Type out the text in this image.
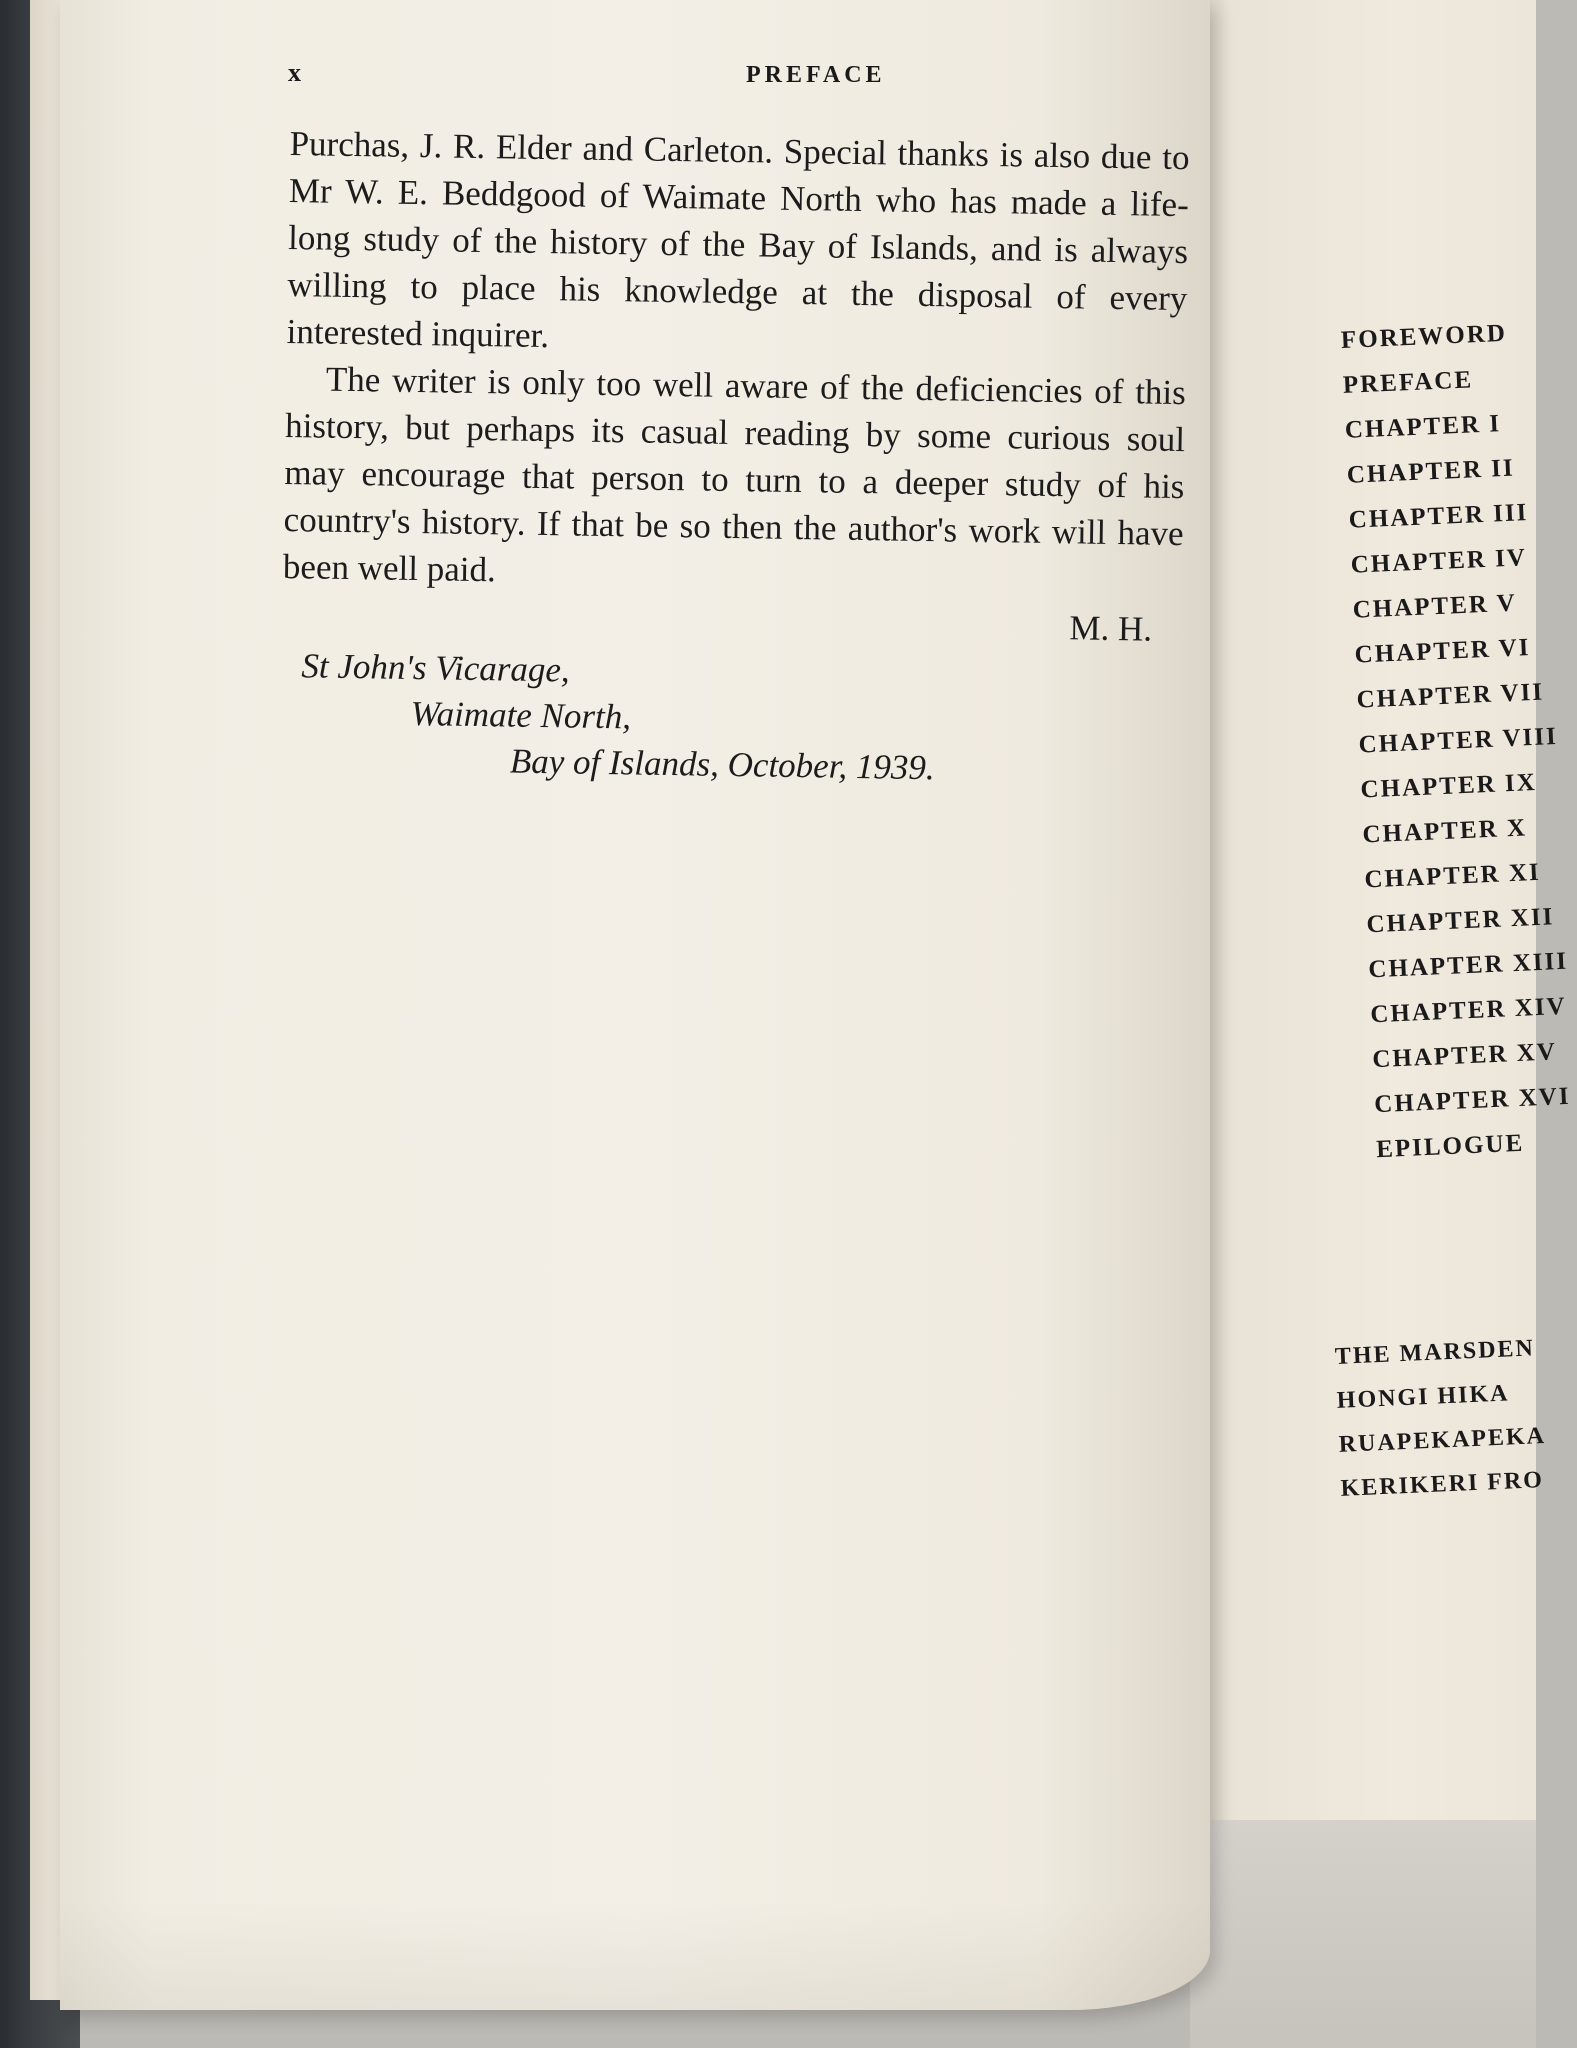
x	PREFACE

Purchas, J. R. Elder and Carleton. Special thanks is also due to Mr W. E. Beddgood of Waimate North who has made a life-long study of the history of the Bay of Islands, and is always willing to place his knowledge at the disposal of every interested inquirer.

The writer is only too well aware of the deficiencies of this history, but perhaps its casual reading by some curious soul may encourage that person to turn to a deeper study of his country's history. If that be so then the author's work will have been well paid.

M. H.
St John's Vicarage,
Waimate North,
Bay of Islands, October, 1939.
FOREWORD
PREFACE
CHAPTER I
CHAPTER II
CHAPTER III
CHAPTER IV
CHAPTER V
CHAPTER VI
CHAPTER VII
CHAPTER VIII
CHAPTER IX
CHAPTER X
CHAPTER XI
CHAPTER XII
CHAPTER XIII
CHAPTER XIV
CHAPTER XV
CHAPTER XVI
EPILOGUE
THE MARSDEN
HONGI HIKA
RUAPEKAPEKA
KERIKERI FRO
